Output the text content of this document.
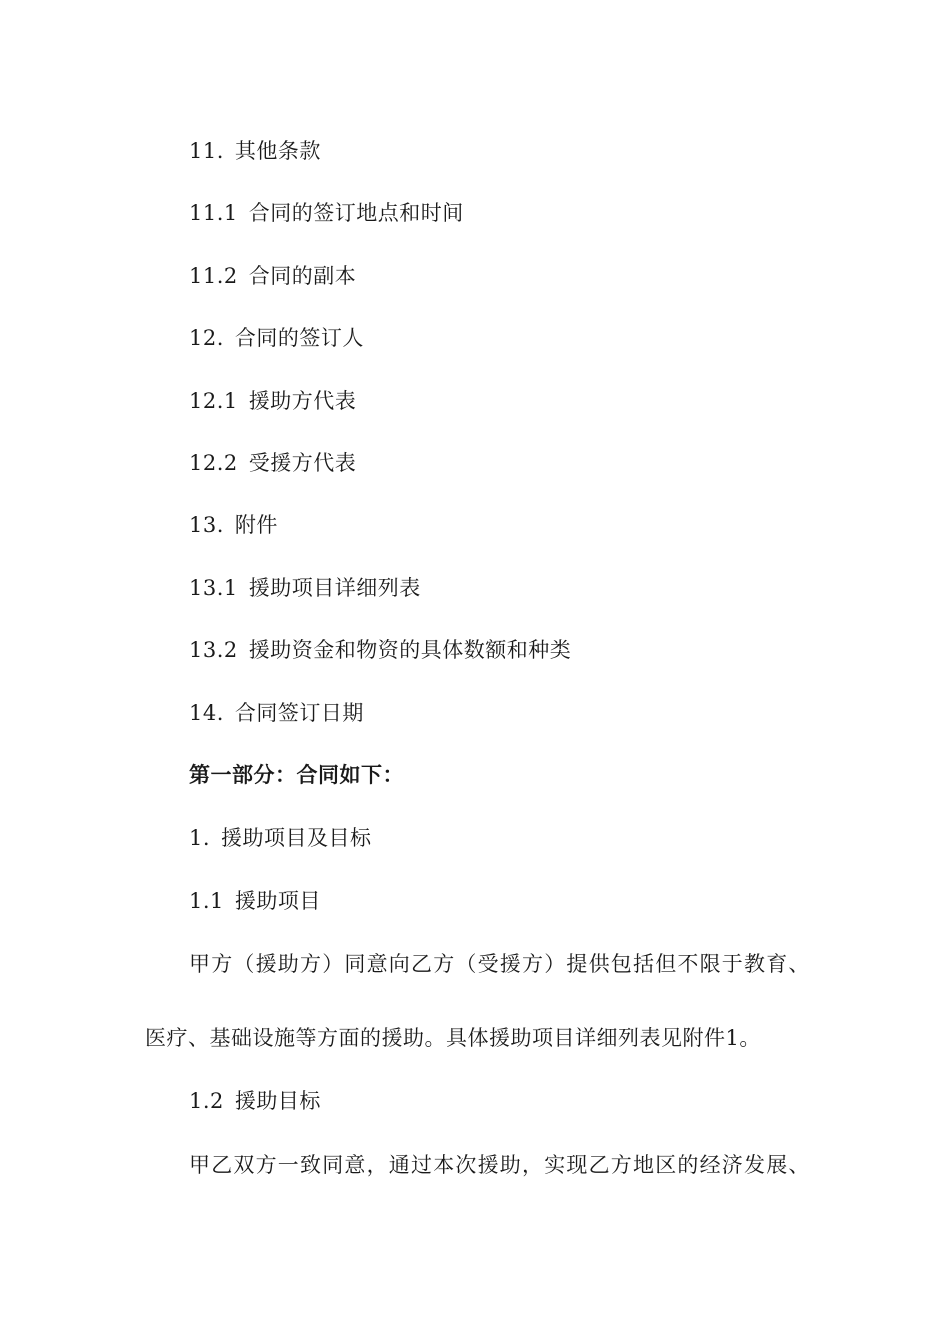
11. 其他条款
11.1 合同的签订地点和时间
11.2 合同的副本
12. 合同的签订人
12.1 援助方代表
12.2 受援方代表
13. 附件
13.1 援助项目详细列表
13.2 援助资金和物资的具体数额和种类
14. 合同签订日期
第一部分：合同如下：
1. 援助项目及目标
1.1 援助项目
甲方（援助方）同意向乙方（受援方）提供包括但不限于教育、
医疗、基础设施等方面的援助。具体援助项目详细列表见附件1。
1.2 援助目标
甲乙双方一致同意，通过本次援助，实现乙方地区的经济发展、
